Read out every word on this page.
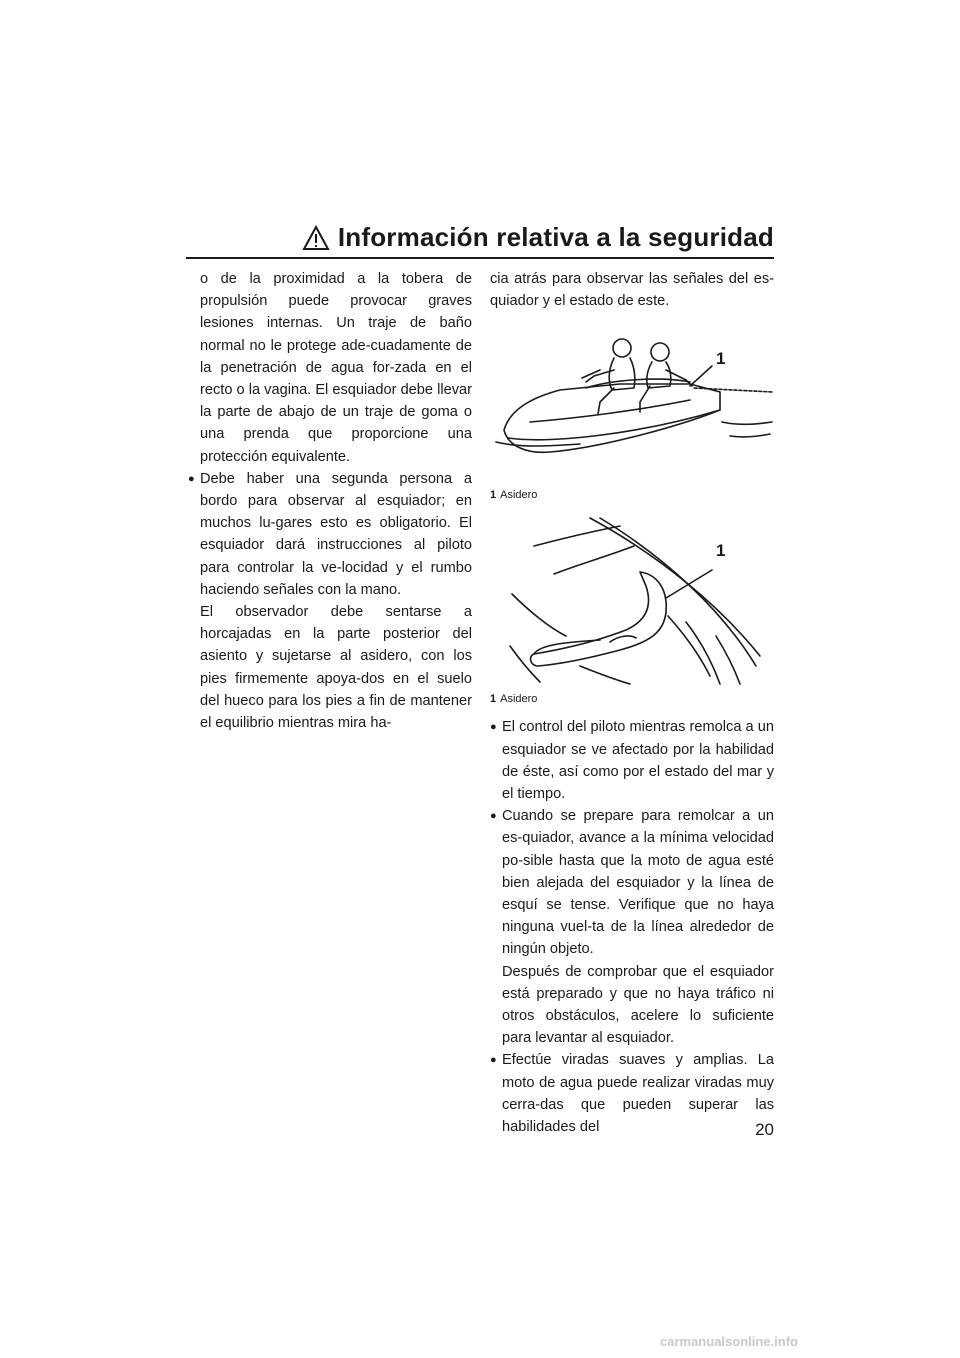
Información relativa a la seguridad

o de la proximidad a la tobera de propulsión puede provocar graves lesiones internas. Un traje de baño normal no le protege ade-cuadamente de la penetración de agua for-zada en el recto o la vagina. El esquiador debe llevar la parte de abajo de un traje de goma o una prenda que proporcione una protección equivalente.

● Debe haber una segunda persona a bordo para observar al esquiador; en muchos lu-gares esto es obligatorio. El esquiador dará instrucciones al piloto para controlar la ve-locidad y el rumbo haciendo señales con la mano.

El observador debe sentarse a horcajadas en la parte posterior del asiento y sujetarse al asidero, con los pies firmemente apoya-dos en el suelo del hueco para los pies a fin de mantener el equilibrio mientras mira ha-

cia atrás para observar las señales del es-quiador y el estado de este.

1

1 Asidero

1

1 Asidero

● El control del piloto mientras remolca a un esquiador se ve afectado por la habilidad de éste, así como por el estado del mar y el tiempo.

● Cuando se prepare para remolcar a un es-quiador, avance a la mínima velocidad po-sible hasta que la moto de agua esté bien alejada del esquiador y la línea de esquí se tense. Verifique que no haya ninguna vuel-ta de la línea alrededor de ningún objeto.

Después de comprobar que el esquiador está preparado y que no haya tráfico ni otros obstáculos, acelere lo suficiente para levantar al esquiador.

● Efectúe viradas suaves y amplias. La moto de agua puede realizar viradas muy cerra-das que pueden superar las habilidades del	20
carmanualsonline.info
